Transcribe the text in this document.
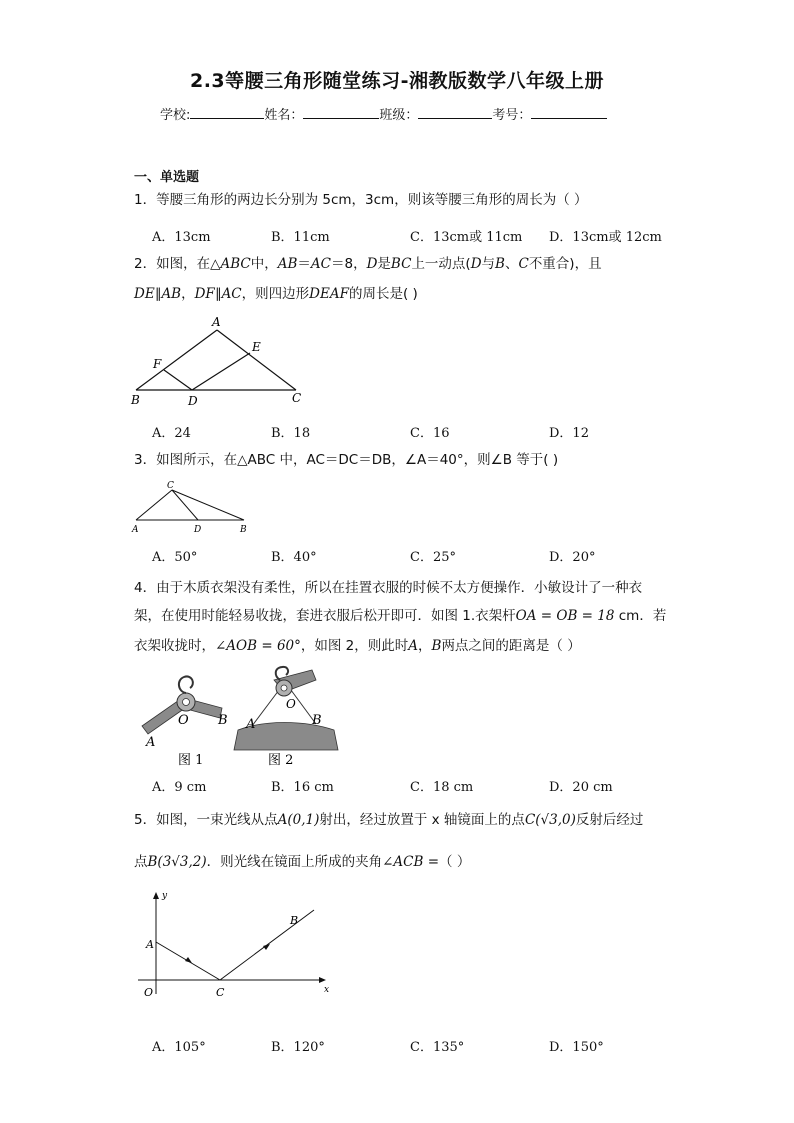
2.3等腰三角形随堂练习-湘教版数学八年级上册
学校:	姓名：	班级：	考号：
一、单选题
1．等腰三角形的两边长分别为 5cm，3cm，则该等腰三角形的周长为（ ）
A．13cm	B．11cm	C．13cm或 11cm D．13cm或 12cm
2．如图，在△ABC中，AB＝AC＝8，D是BC上一动点(D与B、C不重合)，且
DE∥AB，DF∥AC，则四边形DEAF的周长是( )
A
E
F
B	D	C
A．24	B．18	C．16	D．12
3．如图所示，在△ABC 中，AC＝DC＝DB，∠A＝40°，则∠B 等于( )
C
A	D	B
A．50°	B．40°	C．25°	D．20°
4．由于木质衣架没有柔性，所以在挂置衣服的时候不太方便操作．小敏设计了一种衣
架，在使用时能轻易收拢，套进衣服后松开即可．如图 1.衣架杆OA = OB = 18 cm．若
衣架收拢时，∠AOB = 60°，如图 2，则此时A，B两点之间的距离是（ ）
O B
A
图 1
O
A	B
图 2
A．9 cm	B．16 cm	C．18 cm	D．20 cm
5．如图，一束光线从点A(0,1)射出，经过放置于 x 轴镜面上的点C(√3,0)反射后经过
点B(3√3,2)．则光线在镜面上所成的夹角∠ACB =（ ）
y
x
O
A
B
C
A．105°	B．120°	C．135°	D．150°
